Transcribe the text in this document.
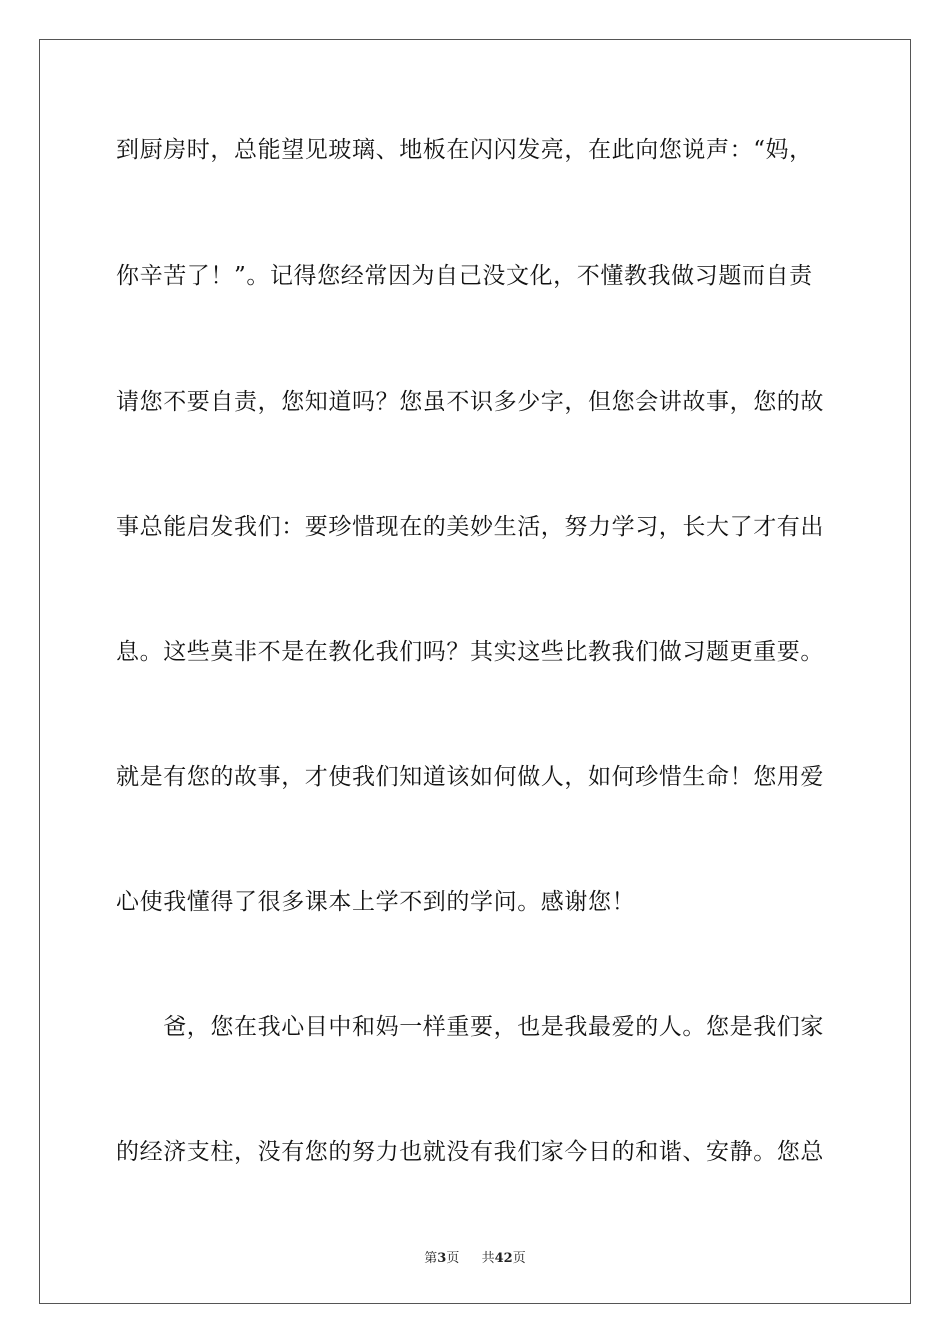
到厨房时，总能望见玻璃、地板在闪闪发亮，在此向您说声：“妈，
你辛苦了！”。记得您经常因为自己没文化，不懂教我做习题而自责
请您不要自责，您知道吗？您虽不识多少字，但您会讲故事，您的故
事总能启发我们：要珍惜现在的美妙生活，努力学习，长大了才有出
息。这些莫非不是在教化我们吗？其实这些比教我们做习题更重要。
就是有您的故事，才使我们知道该如何做人，如何珍惜生命！您用爱
心使我懂得了很多课本上学不到的学问。感谢您！
　　爸，您在我心目中和妈一样重要，也是我最爱的人。您是我们家
的经济支柱，没有您的努力也就没有我们家今日的和谐、安静。您总
第3页 共42页
